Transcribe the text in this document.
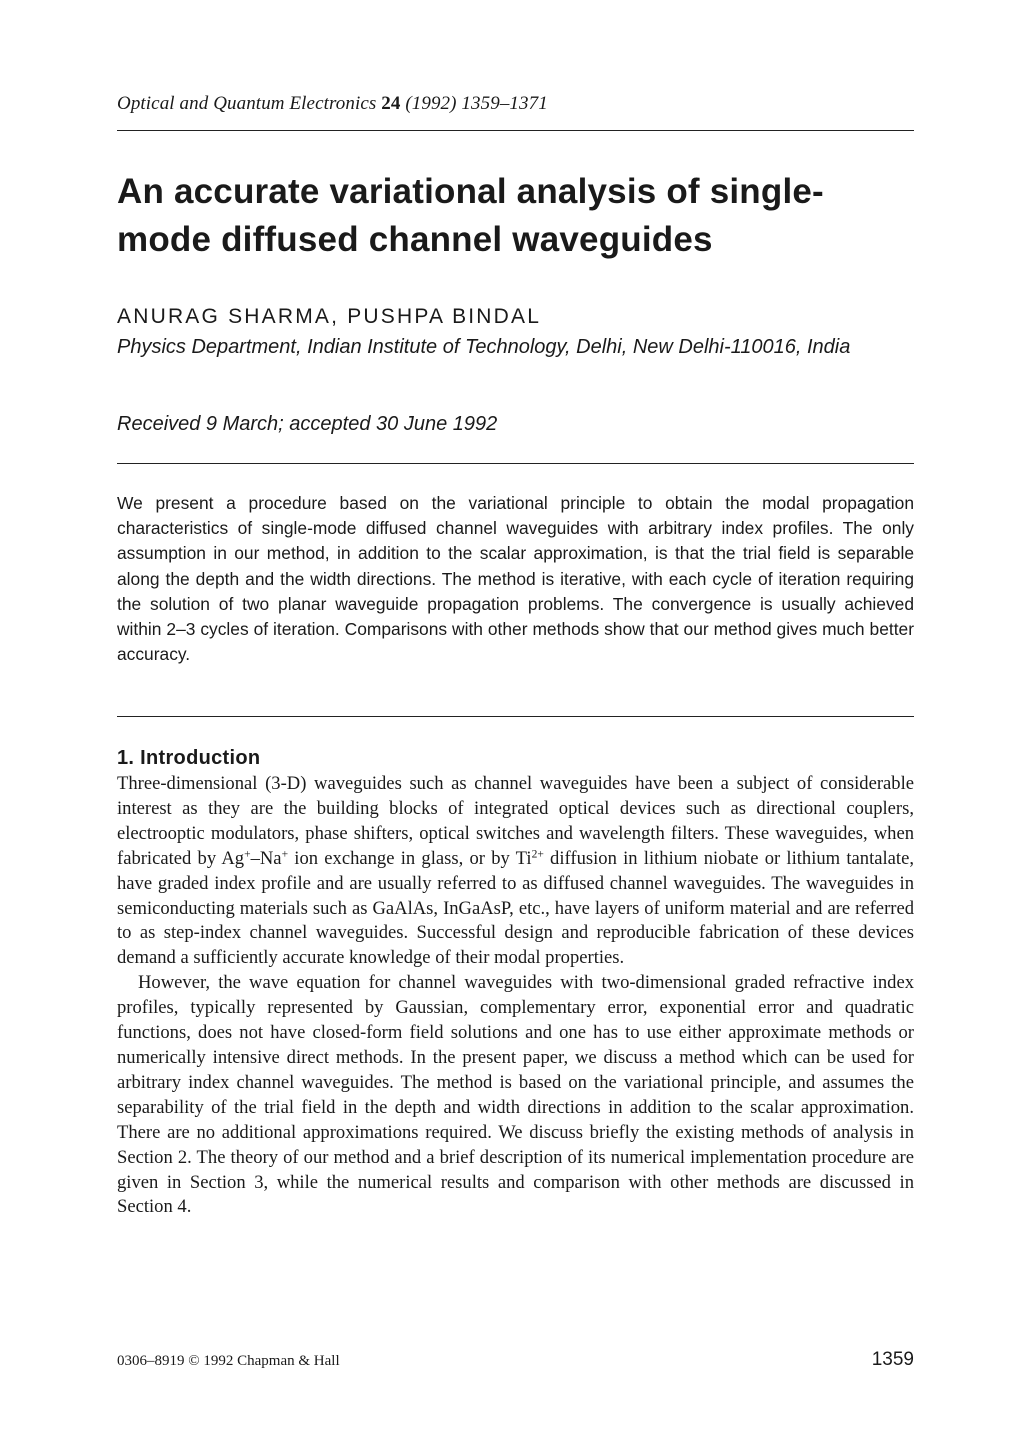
Optical and Quantum Electronics 24 (1992) 1359–1371
An accurate variational analysis of single-mode diffused channel waveguides
ANURAG SHARMA, PUSHPA BINDAL
Physics Department, Indian Institute of Technology, Delhi, New Delhi-110016, India
Received 9 March; accepted 30 June 1992

We present a procedure based on the variational principle to obtain the modal propagation characteristics of single-mode diffused channel waveguides with arbitrary index profiles. The only assumption in our method, in addition to the scalar approximation, is that the trial field is separable along the depth and the width directions. The method is iterative, with each cycle of iteration requiring the solution of two planar waveguide propagation problems. The convergence is usually achieved within 2–3 cycles of iteration. Comparisons with other methods show that our method gives much better accuracy.

1. Introduction

Three-dimensional (3-D) waveguides such as channel waveguides have been a subject of considerable interest as they are the building blocks of integrated optical devices such as directional couplers, electrooptic modulators, phase shifters, optical switches and wavelength filters. These waveguides, when fabricated by Ag+–Na+ ion exchange in glass, or by $Ti^{2+}$ diffusion in lithium niobate or lithium tantalate, have graded index profile and are usually referred to as diffused channel waveguides. The waveguides in semiconducting materials such as GaAlAs, InGaAsP, etc., have layers of uniform material and are referred to as step-index channel waveguides. Successful design and reproducible fabrication of these devices demand a sufficiently accurate knowledge of their modal properties.

However, the wave equation for channel waveguides with two-dimensional graded refractive index profiles, typically represented by Gaussian, complementary error, exponential error and quadratic functions, does not have closed-form field solutions and one has to use either approximate methods or numerically intensive direct methods. In the present paper, we discuss a method which can be used for arbitrary index channel waveguides. The method is based on the variational principle, and assumes the separability of the trial field in the depth and width directions in addition to the scalar approximation. There are no additional approximations required. We discuss briefly the existing methods of analysis in Section 2. The theory of our method and a brief description of its numerical implementation procedure are given in Section 3, while the numerical results and comparison with other methods are discussed in Section 4.

0306–8919 © 1992 Chapman & Hall	1359
